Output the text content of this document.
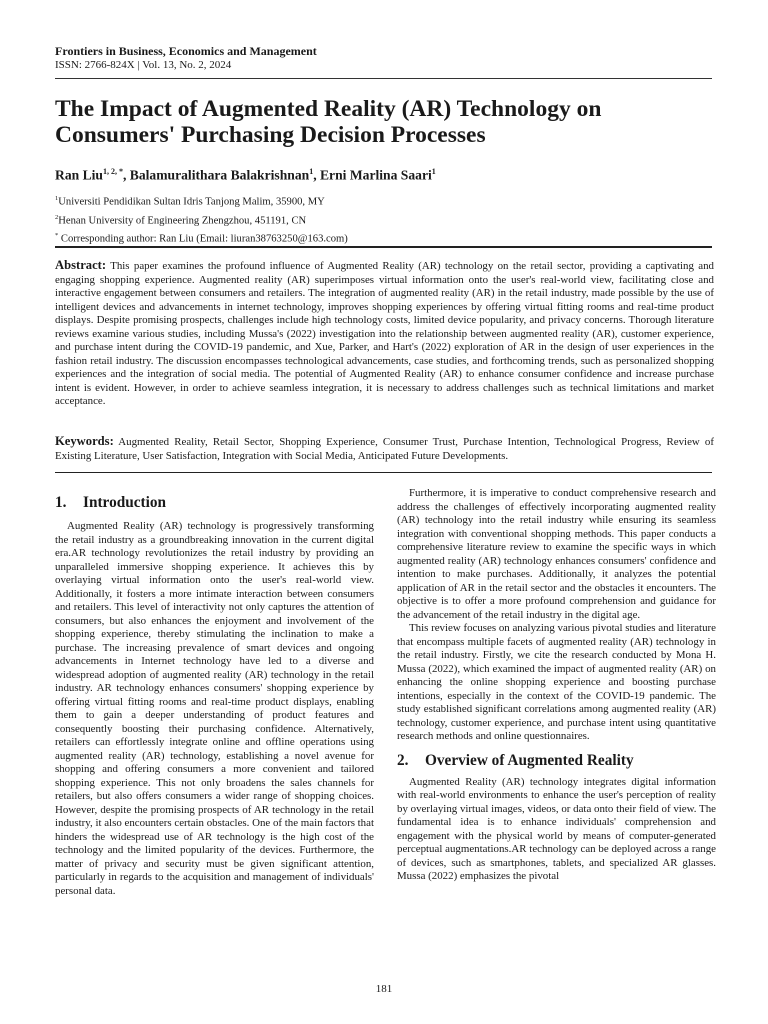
Frontiers in Business, Economics and Management
ISSN: 2766-824X | Vol. 13, No. 2, 2024
The Impact of Augmented Reality (AR) Technology on Consumers' Purchasing Decision Processes
Ran Liu$^{1, 2, *}$, Balamuralithara Balakrishnan$^1$, Erni Marlina Saari$^1$
$^1$Universiti Pendidikan Sultan Idris Tanjong Malim, 35900, MY
$^2$Henan University of Engineering Zhengzhou, 451191, CN
* Corresponding author: Ran Liu (Email: liuran38763250@163.com)
Abstract: This paper examines the profound influence of Augmented Reality (AR) technology on the retail sector, providing a captivating and engaging shopping experience. Augmented reality (AR) superimposes virtual information onto the user's real-world view, facilitating close and interactive engagement between consumers and retailers. The integration of augmented reality (AR) in the retail industry, made possible by the use of intelligent devices and advancements in internet technology, improves shopping experiences by offering virtual fitting rooms and real-time product displays. Despite promising prospects, challenges include high technology costs, limited device popularity, and privacy concerns. Thorough literature reviews examine various studies, including Mussa's (2022) investigation into the relationship between augmented reality (AR), customer experience, and purchase intent during the COVID-19 pandemic, and Xue, Parker, and Hart's (2022) exploration of AR in the design of user experiences in the fashion retail industry. The discussion encompasses technological advancements, case studies, and forthcoming trends, such as personalized shopping experiences and the integration of social media. The potential of Augmented Reality (AR) to enhance consumer confidence and increase purchase intent is evident. However, in order to achieve seamless integration, it is necessary to address challenges such as technical limitations and market acceptance.
Keywords: Augmented Reality, Retail Sector, Shopping Experience, Consumer Trust, Purchase Intention, Technological Progress, Review of Existing Literature, User Satisfaction, Integration with Social Media, Anticipated Future Developments.
1. Introduction

Augmented Reality (AR) technology is progressively transforming the retail industry as a groundbreaking innovation in the current digital era.AR technology revolutionizes the retail industry by providing an unparalleled immersive shopping experience. It achieves this by overlaying virtual information onto the user's real-world view. Additionally, it fosters a more intimate interaction between consumers and retailers. This level of interactivity not only captures the attention of consumers, but also enhances the enjoyment and involvement of the shopping experience, thereby stimulating the inclination to make a purchase. The increasing prevalence of smart devices and ongoing advancements in Internet technology have led to a diverse and widespread adoption of augmented reality (AR) technology in the retail industry. AR technology enhances consumers' shopping experience by offering virtual fitting rooms and real-time product displays, enabling them to gain a deeper understanding of product features and consequently boosting their purchasing confidence. Alternatively, retailers can effortlessly integrate online and offline operations using augmented reality (AR) technology, establishing a novel avenue for shopping and offering consumers a more convenient and tailored shopping experience. This not only broadens the sales channels for retailers, but also offers consumers a wider range of shopping choices. However, despite the promising prospects of AR technology in the retail industry, it also encounters certain obstacles. One of the main factors that hinders the widespread use of AR technology is the high cost of the technology and the limited popularity of the devices. Furthermore, the matter of privacy and security must be given significant attention, particularly in regards to the acquisition and management of individuals' personal data.

Furthermore, it is imperative to conduct comprehensive research and address the challenges of effectively incorporating augmented reality (AR) technology into the retail industry while ensuring its seamless integration with conventional shopping methods. This paper conducts a comprehensive literature review to examine the specific ways in which augmented reality (AR) technology enhances consumers' confidence and intention to make purchases. Additionally, it analyzes the potential application of AR in the retail sector and the obstacles it encounters. The objective is to offer a more profound comprehension and guidance for the advancement of the retail industry in the digital age.

This review focuses on analyzing various pivotal studies and literature that encompass multiple facets of augmented reality (AR) technology in the retail industry. Firstly, we cite the research conducted by Mona H. Mussa (2022), which examined the impact of augmented reality (AR) on enhancing the online shopping experience and boosting purchase intentions, especially in the context of the COVID-19 pandemic. The study established significant correlations among augmented reality (AR) technology, customer experience, and purchase intent using quantitative research methods and online questionnaires.

2. Overview of Augmented Reality

Augmented Reality (AR) technology integrates digital information with real-world environments to enhance the user's perception of reality by overlaying virtual images, videos, or data onto their field of view. The fundamental idea is to enhance individuals' comprehension and engagement with the physical world by means of computer-generated perceptual augmentations.AR technology can be deployed across a range of devices, such as smartphones, tablets, and specialized AR glasses. Mussa (2022) emphasizes the pivotal

181
